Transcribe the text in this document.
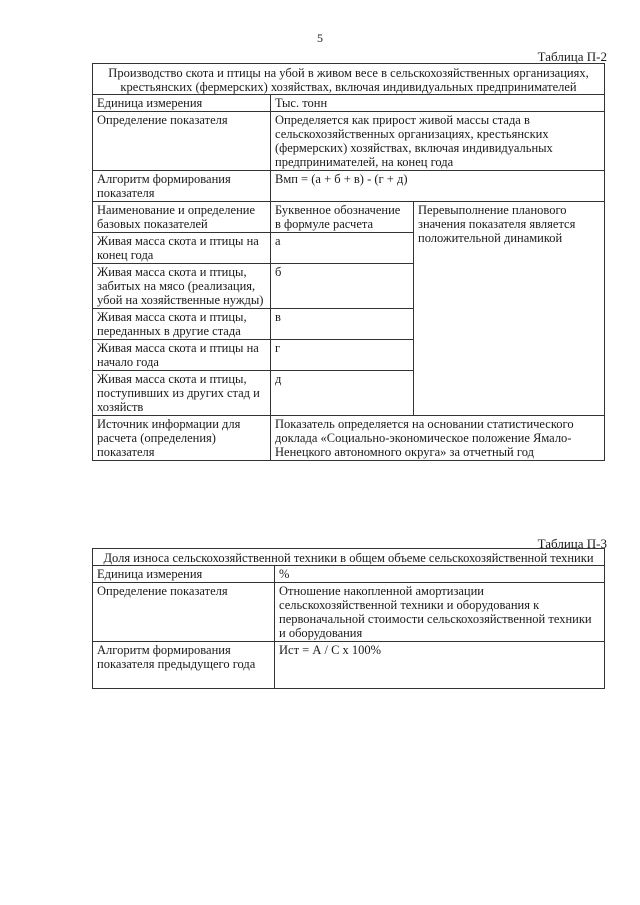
5
Таблица П-2
Производство скота и птицы на убой в живом весе в сельскохозяйственных организациях, крестьянских (фермерских) хозяйствах, включая индивидуальных предпринимателей		
Единица измерения	Тыс. тонн	
Определение показателя	Определяется как прирост живой массы стада в сельскохозяйственных организациях, крестьянских (фермерских) хозяйствах, включая индивидуальных предпринимателей, на конец года	
Алгоритм формирования показателя	Вмп = (а + б + в) - (г + д)	
Наименование и определение базовых показателей	Буквенное обозначение в формуле расчета	Перевыполнение планового значения показателя является положительной динамикой
Живая масса скота и птицы на конец года	а	
Живая масса скота и птицы, забитых на мясо (реализация, убой на хозяйственные нужды)	б	
Живая масса скота и птицы, переданных в другие стада	в	
Живая масса скота и птицы на начало года	г	
Живая масса скота и птицы, поступивших из других стад и хозяйств	д	
Источник информации для расчета (определения) показателя	Показатель определяется на основании статистического доклада «Социально-экономическое положение Ямало-Ненецкого автономного округа» за отчетный год	
Таблица П-3
Доля износа сельскохозяйственной техники в общем объеме сельскохозяйственной техники	
Единица измерения	%
Определение показателя	Отношение накопленной амортизации сельскохозяйственной техники и оборудования к первоначальной стоимости сельскохозяйственной техники и оборудования
Алгоритм формирования показателя предыдущего года	Ист = А / С х 100%
